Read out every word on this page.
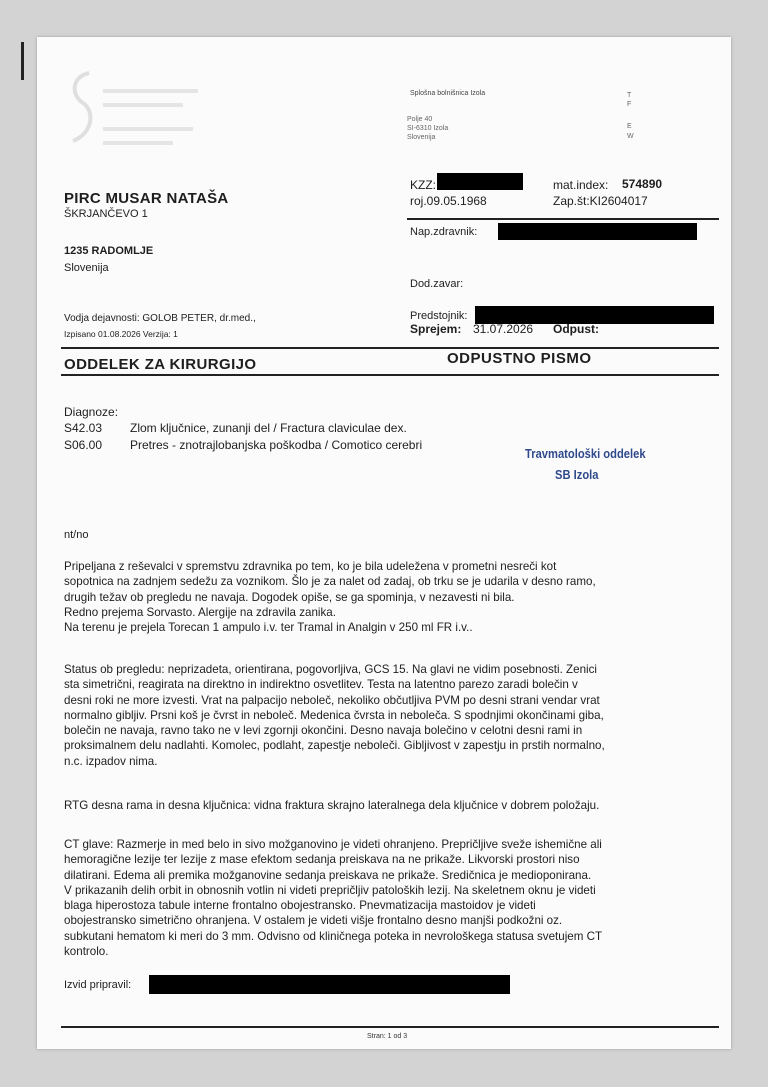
Splošna bolnišnica Izola
Polje 40
SI-6310 Izola
Slovenija
T
F
E
W
PIRC MUSAR NATAŠA
ŠKRJANČEVO 1
1235 RADOMLJE
Slovenija
KZZ:
roj.09.05.1968
mat.index: 574890
Zap.št:KI2604017
Nap.zdravnik:
Dod.zavar:
Vodja dejavnosti: GOLOB PETER, dr.med.,
Izpisano 01.08.2026 Verzija: 1
Predstojnik:
Sprejem: 31.07.2026 Odpust:
ODDELEK ZA KIRURGIJO	ODPUSTNO PISMO
Diagnoze:
S42.03 Zlom ključnice, zunanji del / Fractura claviculae dex.
S06.00 Pretres - znotrajlobanjska poškodba / Comotico cerebri
Travmatološki oddelek
SB Izola
nt/no
Pripeljana z reševalci v spremstvu zdravnika po tem, ko je bila udeležena v prometni nesreči kot
sopotnica na zadnjem sedežu za voznikom. Šlo je za nalet od zadaj, ob trku se je udarila v desno ramo,
drugih težav ob pregledu ne navaja. Dogodek opiše, se ga spominja, v nezavesti ni bila.
Redno prejema Sorvasto. Alergije na zdravila zanika.
Na terenu je prejela Torecan 1 ampulo i.v. ter Tramal in Analgin v 250 ml FR i.v..
Status ob pregledu: neprizadeta, orientirana, pogovorljiva, GCS 15. Na glavi ne vidim posebnosti. Zenici
sta simetrični, reagirata na direktno in indirektno osvetlitev. Testa na latentno parezo zaradi bolečin v
desni roki ne more izvesti. Vrat na palpacijo neboleč, nekoliko občutljiva PVM po desni strani vendar vrat
normalno gibljiv. Prsni koš je čvrst in neboleč. Medenica čvrsta in neboleča. S spodnjimi okončinami giba,
bolečin ne navaja, ravno tako ne v levi zgornji okončini. Desno navaja bolečino v celotni desni rami in
proksimalnem delu nadlahti. Komolec, podlaht, zapestje neboleči. Gibljivost v zapestju in prstih normalno,
n.c. izpadov nima.
RTG desna rama in desna ključnica: vidna fraktura skrajno lateralnega dela ključnice v dobrem položaju.
CT glave: Razmerje in med belo in sivo možganovino je videti ohranjeno. Prepričljive sveže ishemične ali
hemoragične lezije ter lezije z mase efektom sedanja preiskava na ne prikaže. Likvorski prostori niso
dilatirani. Edema ali premika možganovine sedanja preiskava ne prikaže. Sredičnica je medioponirana.
V prikazanih delih orbit in obnosnih votlin ni videti prepričljiv patoloških lezij. Na skeletnem oknu je videti
blaga hiperostoza tabule interne frontalno obojestransko. Pnevmatizacija mastoidov je videti
obojestransko simetrično ohranjena. V ostalem je videti višje frontalno desno manjši podkožni oz.
subkutani hematom ki meri do 3 mm. Odvisno od kliničnega poteka in nevrološkega statusa svetujem CT
kontrolo.
Izvid pripravil:
Stran: 1 od 3
